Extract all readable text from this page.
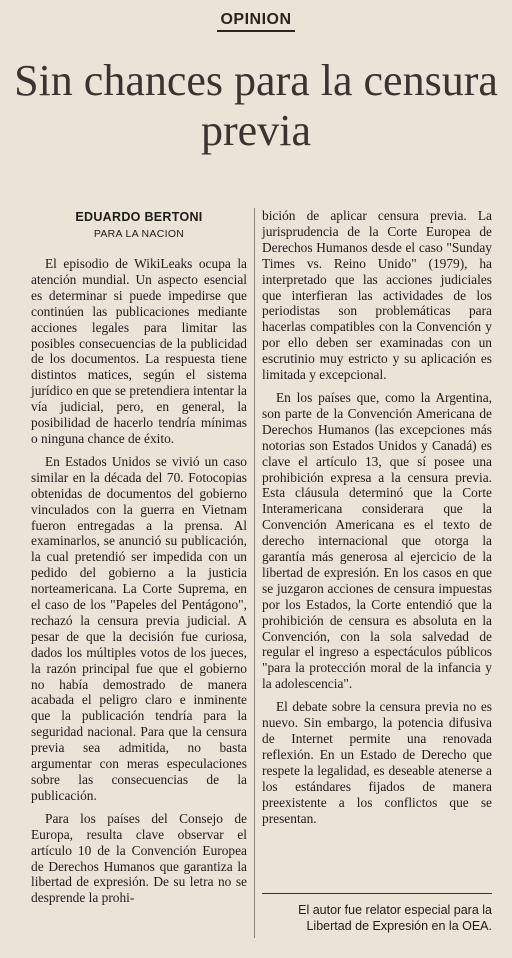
OPINION
Sin chances para la censura previa
EDUARDO BERTONI
PARA LA NACION

El episodio de WikiLeaks ocupa la atención mundial. Un aspecto esencial es determinar si puede impedirse que continúen las publicaciones mediante acciones legales para limitar las posibles consecuencias de la publicidad de los documentos. La respuesta tiene distintos matices, según el sistema jurídico en que se pretendiera intentar la vía judicial, pero, en general, la posibilidad de hacerlo tendría mínimas o ninguna chance de éxito.

En Estados Unidos se vivió un caso similar en la década del 70. Fotocopias obtenidas de documentos del gobierno vinculados con la guerra en Vietnam fueron entregadas a la prensa. Al examinarlos, se anunció su publicación, la cual pretendió ser impedida con un pedido del gobierno a la justicia norteamericana. La Corte Suprema, en el caso de los "Papeles del Pentágono", rechazó la censura previa judicial. A pesar de que la decisión fue curiosa, dados los múltiples votos de los jueces, la razón principal fue que el gobierno no había demostrado de manera acabada el peligro claro e inminente que la publicación tendría para la seguridad nacional. Para que la censura previa sea admitida, no basta argumentar con meras especulaciones sobre las consecuencias de la publicación.

Para los países del Consejo de Europa, resulta clave observar el artículo 10 de la Convención Europea de Derechos Humanos que garantiza la libertad de expresión. De su letra no se desprende la prohi-

bición de aplicar censura previa. La jurisprudencia de la Corte Europea de Derechos Humanos desde el caso "Sunday Times vs. Reino Unido" (1979), ha interpretado que las acciones judiciales que interfieran las actividades de los periodistas son problemáticas para hacerlas compatibles con la Convención y por ello deben ser examinadas con un escrutinio muy estricto y su aplicación es limitada y excepcional.

En los países que, como la Argentina, son parte de la Convención Americana de Derechos Humanos (las excepciones más notorias son Estados Unidos y Canadá) es clave el artículo 13, que sí posee una prohibición expresa a la censura previa. Esta cláusula determinó que la Corte Interamericana considerara que la Convención Americana es el texto de derecho internacional que otorga la garantía más generosa al ejercicio de la libertad de expresión. En los casos en que se juzgaron acciones de censura impuestas por los Estados, la Corte entendió que la prohibición de censura es absoluta en la Convención, con la sola salvedad de regular el ingreso a espectáculos públicos "para la protección moral de la infancia y la adolescencia".

El debate sobre la censura previa no es nuevo. Sin embargo, la potencia difusiva de Internet permite una renovada reflexión. En un Estado de Derecho que respete la legalidad, es deseable atenerse a los estándares fijados de manera preexistente a los conflictos que se presentan.

El autor fue relator especial para la Libertad de Expresión en la OEA.
